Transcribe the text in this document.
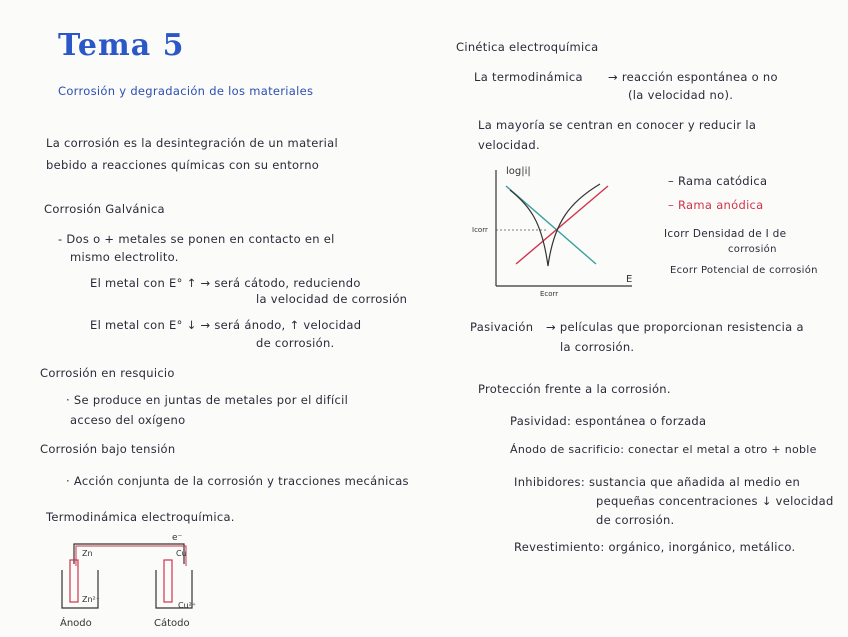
Tema 5
Corrosión y degradación de los materiales
La corrosión es la desintegración de un material
bebido a reacciones químicas con su entorno
Corrosión Galvánica
- Dos o + metales se ponen en contacto en el
mismo electrolito.
El metal con E° ↑ → será cátodo, reduciendo
la velocidad de corrosión
El metal con E° ↓ → será ánodo, ↑ velocidad
de corrosión.
Corrosión en resquicio
· Se produce en juntas de metales por el difícil
acceso del oxígeno
Corrosión bajo tensión
· Acción conjunta de la corrosión y tracciones mecánicas
Termodinámica electroquímica.
e⁻
Zn
Zn²⁺
Cu
Cu²⁺
Ánodo	Cátodo
Cinética electroquímica
La termodinámica → reacción espontánea o no
(la velocidad no).
La mayoría se centran en conocer y reducir la
velocidad.
log|i|
E
Icorr
Ecorr
– Rama catódica
– Rama anódica
Icorr Densidad de I de
corrosión
Ecorr Potencial de corrosión
Pasivación → películas que proporcionan resistencia a
la corrosión.
Protección frente a la corrosión.
Pasividad: espontánea o forzada
Ánodo de sacrificio: conectar el metal a otro + noble
Inhibidores: sustancia que añadida al medio en
pequeñas concentraciones ↓ velocidad
de corrosión.
Revestimiento: orgánico, inorgánico, metálico.
